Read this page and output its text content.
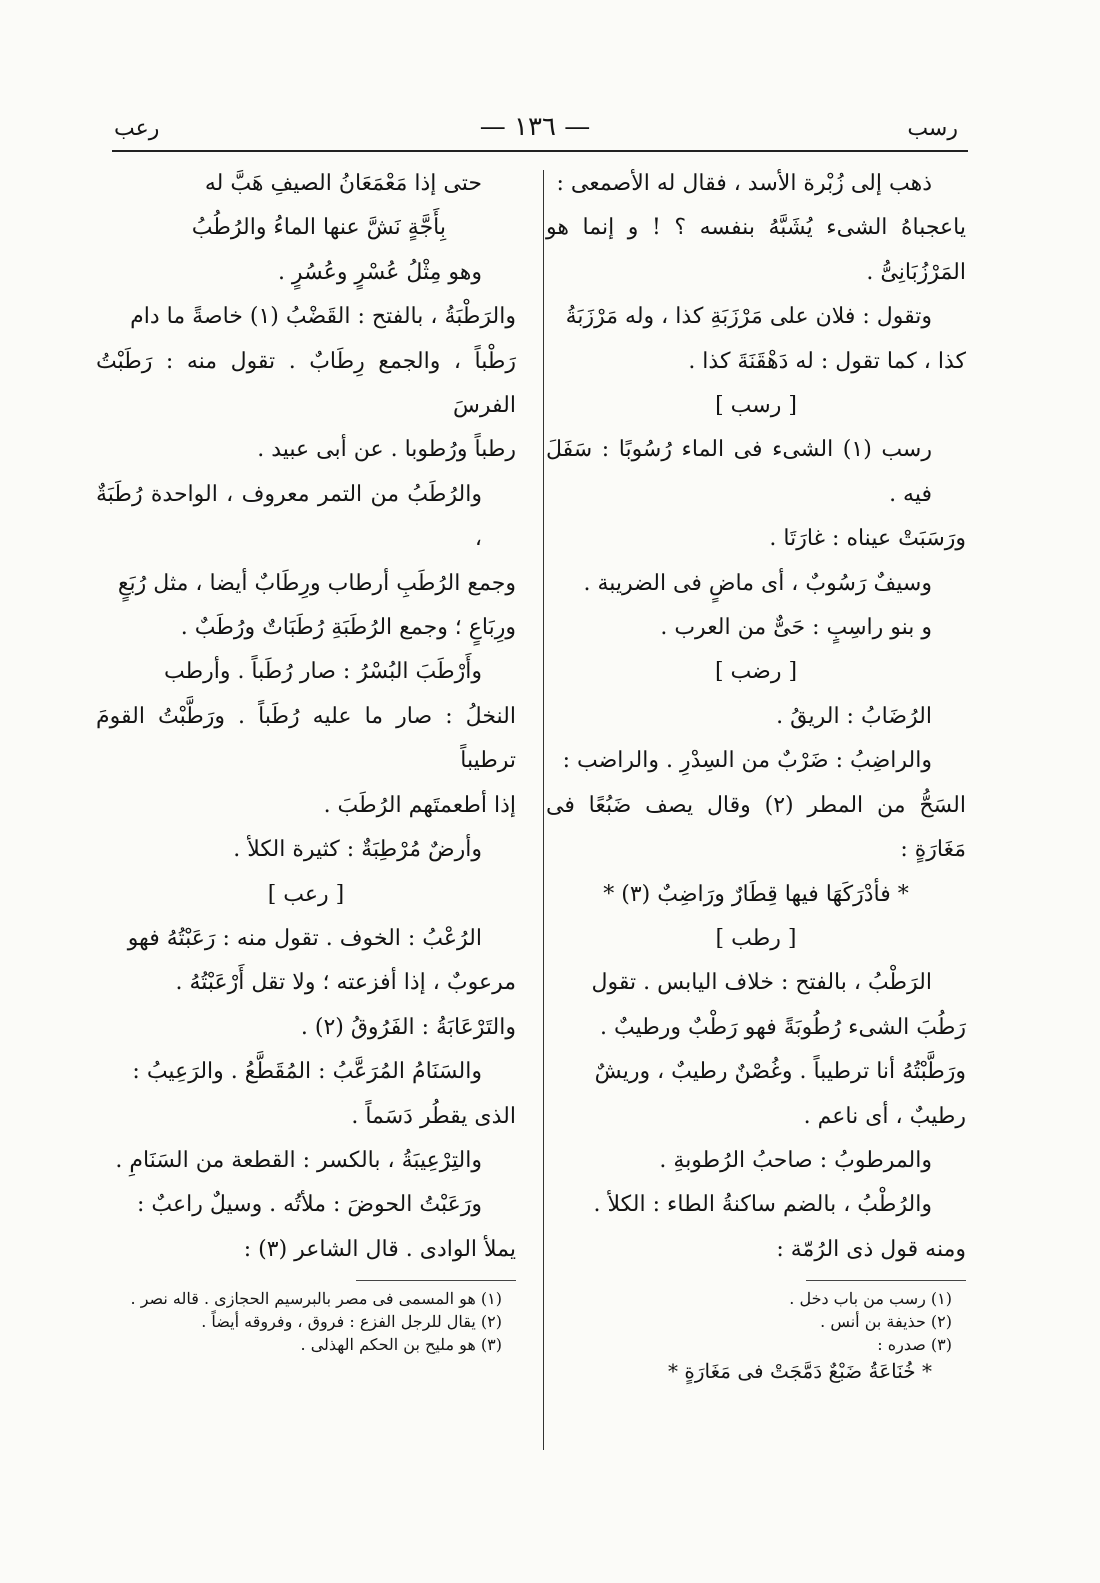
رسب
— ١٣٦ —
رعب

ذهب إلى زُبْرة الأسد ، فقال له الأصمعى :

ياعجباهُ الشىء يُشَبَّهُ بنفسه ؟ ! و إنما هو المَرْزُبَانِىُّ .

وتقول : فلان على مَرْزَبَةِ كذا ، وله مَرْزَبَةُ

كذا ، كما تقول : له دَهْقَنَةَ كذا .

[ رسب ]

رسب (١) الشىء فى الماء رُسُوبًا : سَفَلَ فيه .

ورَسَبَتْ عيناه : غارَتَا .

وسيفٌ رَسُوبٌ ، أى ماضٍ فى الضريبة .

و بنو راسِبٍ : حَىٌّ من العرب .

[ رضب ]

الرُضَابُ : الريقُ .

والراضِبُ : ضَرْبٌ من السِدْرِ . والراضب :

السَحُّ من المطر (٢) وقال يصف ضَبُعًا فى مَغَارَةٍ :

* فأدْرَكَهَا فيها قِطَارٌ ورَاضِبٌ (٣) *

[ رطب ]

الرَطْبُ ، بالفتح : خلاف اليابس . تقول

رَطُبَ الشىء رُطُوبَةً فهو رَطْبٌ ورطيبٌ .

ورَطَّبْتُهُ أنا ترطيباً . وغُصْنٌ رطيبٌ ، وريشٌ

رطيبٌ ، أى ناعم .

والمرطوبُ : صاحبُ الرُطوبةِ .

والرُطْبُ ، بالضم ساكنةُ الطاء : الكلأ .

ومنه قول ذى الرُمّة :

(١) رسب من باب دخل .

(٢) حذيفة بن أنس .

(٣) صدره :

* خُنَاعَةُ ضَبْعٌ دَمَّجَتْ فى مَغَارَةٍ *

حتى إذا مَعْمَعَانُ الصيفِ هَبَّ له

بِأَجَّةٍ نَشَّ عنها الماءُ والرُطُبُ

وهو مِثْلُ عُسْرٍ وعُسُرٍ .

والرَطْبَةُ ، بالفتح : القَضْبُ (١) خاصةً ما دام

رَطْباً ، والجمع رِطَابٌ . تقول منه : رَطَبْتُ الفرسَ

رطباً ورُطوبا . عن أبى عبيد .

والرُطَبُ من التمر معروف ، الواحدة رُطَبَةٌ ،

وجمع الرُطَبِ أرطاب ورِطَابٌ أيضا ، مثل رُبَعٍ

ورِبَاعٍ ؛ وجمع الرُطَبَةِ رُطَبَاتٌ ورُطَبٌ .

وأَرْطَبَ البُسْرُ : صار رُطَباً . وأرطب

النخلُ : صار ما عليه رُطَباً . ورَطَّبْتُ القومَ ترطيباً

إذا أطعمتَهم الرُطَبَ .

وأرضٌ مُرْطِبَةٌ : كثيرة الكلأ .

[ رعب ]

الرُعْبُ : الخوف . تقول منه : رَعَبْتُهُ فهو

مرعوبٌ ، إذا أفزعته ؛ ولا تقل أَرْعَبْتُهُ .

والتَرْعَابَةُ : الفَرُوقُ (٢) .

والسَنَامُ المُرَعَّبُ : المُقَطَّعُ . والرَعِيبُ :

الذى يقطُر دَسَماً .

والتِرْعِيبَةُ ، بالكسر : القطعة من السَنَامِ .

ورَعَبْتُ الحوضَ : ملأتُه . وسيلٌ راعبٌ :

يملأ الوادى . قال الشاعر (٣) :

(١) هو المسمى فى مصر بالبرسيم الحجازى . قاله نصر .

(٢) يقال للرجل الفزع : فروق ، وفروقه أيضاً .

(٣) هو مليح بن الحكم الهذلى .
